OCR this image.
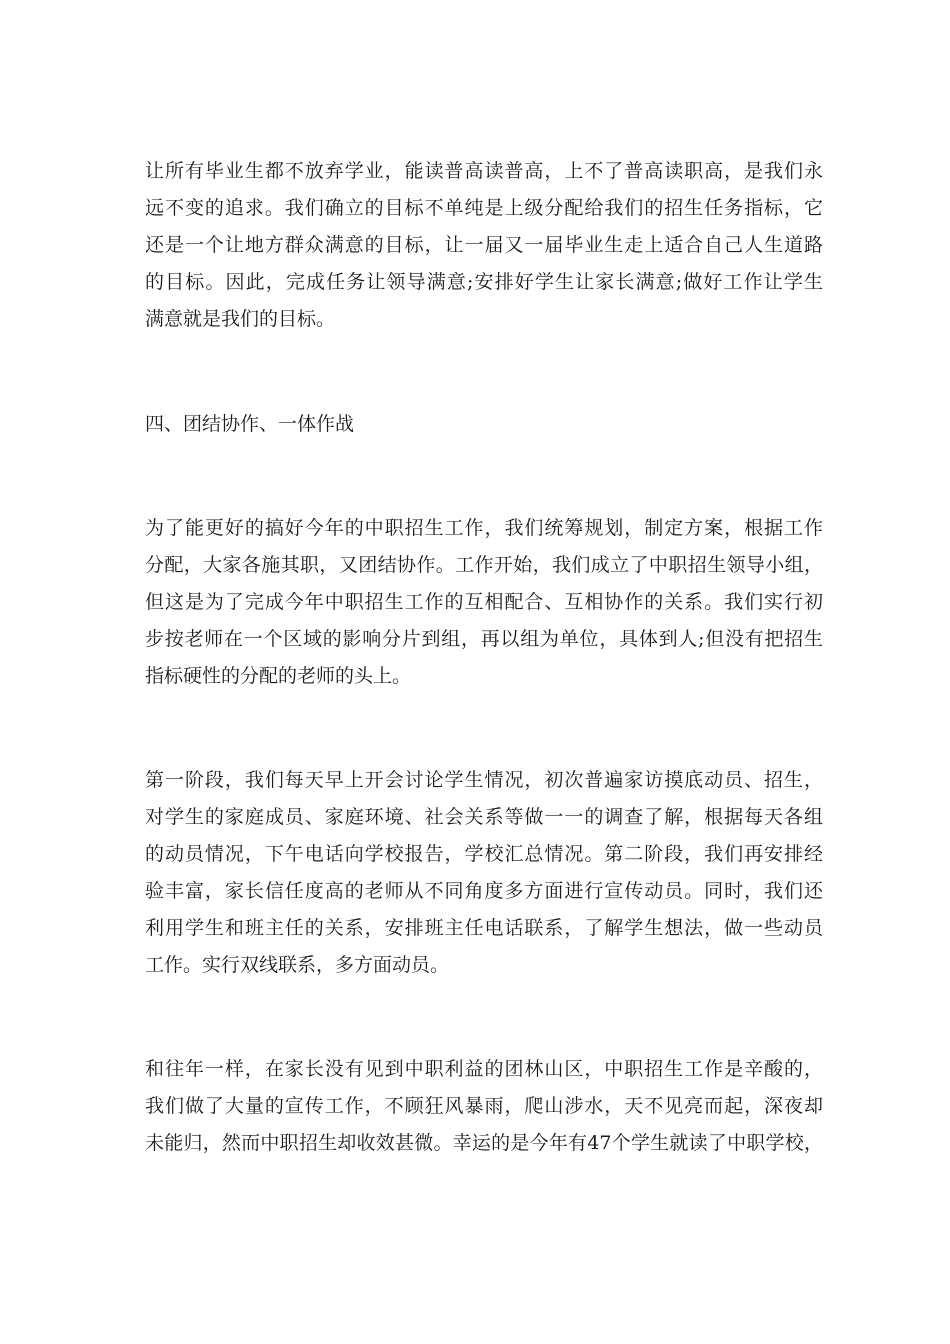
让所有毕业生都不放弃学业，能读普高读普高，上不了普高读职高，是我们永
远不变的追求。我们确立的目标不单纯是上级分配给我们的招生任务指标，它
还是一个让地方群众满意的目标，让一届又一届毕业生走上适合自己人生道路
的目标。因此，完成任务让领导满意;安排好学生让家长满意;做好工作让学生
满意就是我们的目标。
四、团结协作、一体作战
为了能更好的搞好今年的中职招生工作，我们统筹规划，制定方案，根据工作
分配，大家各施其职，又团结协作。工作开始，我们成立了中职招生领导小组，
但这是为了完成今年中职招生工作的互相配合、互相协作的关系。我们实行初
步按老师在一个区域的影响分片到组，再以组为单位，具体到人;但没有把招生
指标硬性的分配的老师的头上。
第一阶段，我们每天早上开会讨论学生情况，初次普遍家访摸底动员、招生，
对学生的家庭成员、家庭环境、社会关系等做一一的调查了解，根据每天各组
的动员情况，下午电话向学校报告，学校汇总情况。第二阶段，我们再安排经
验丰富，家长信任度高的老师从不同角度多方面进行宣传动员。同时，我们还
利用学生和班主任的关系，安排班主任电话联系，了解学生想法，做一些动员
工作。实行双线联系，多方面动员。
和往年一样，在家长没有见到中职利益的团林山区，中职招生工作是辛酸的，
我们做了大量的宣传工作，不顾狂风暴雨，爬山涉水，天不见亮而起，深夜却
未能归，然而中职招生却收效甚微。幸运的是今年有47个学生就读了中职学校，
